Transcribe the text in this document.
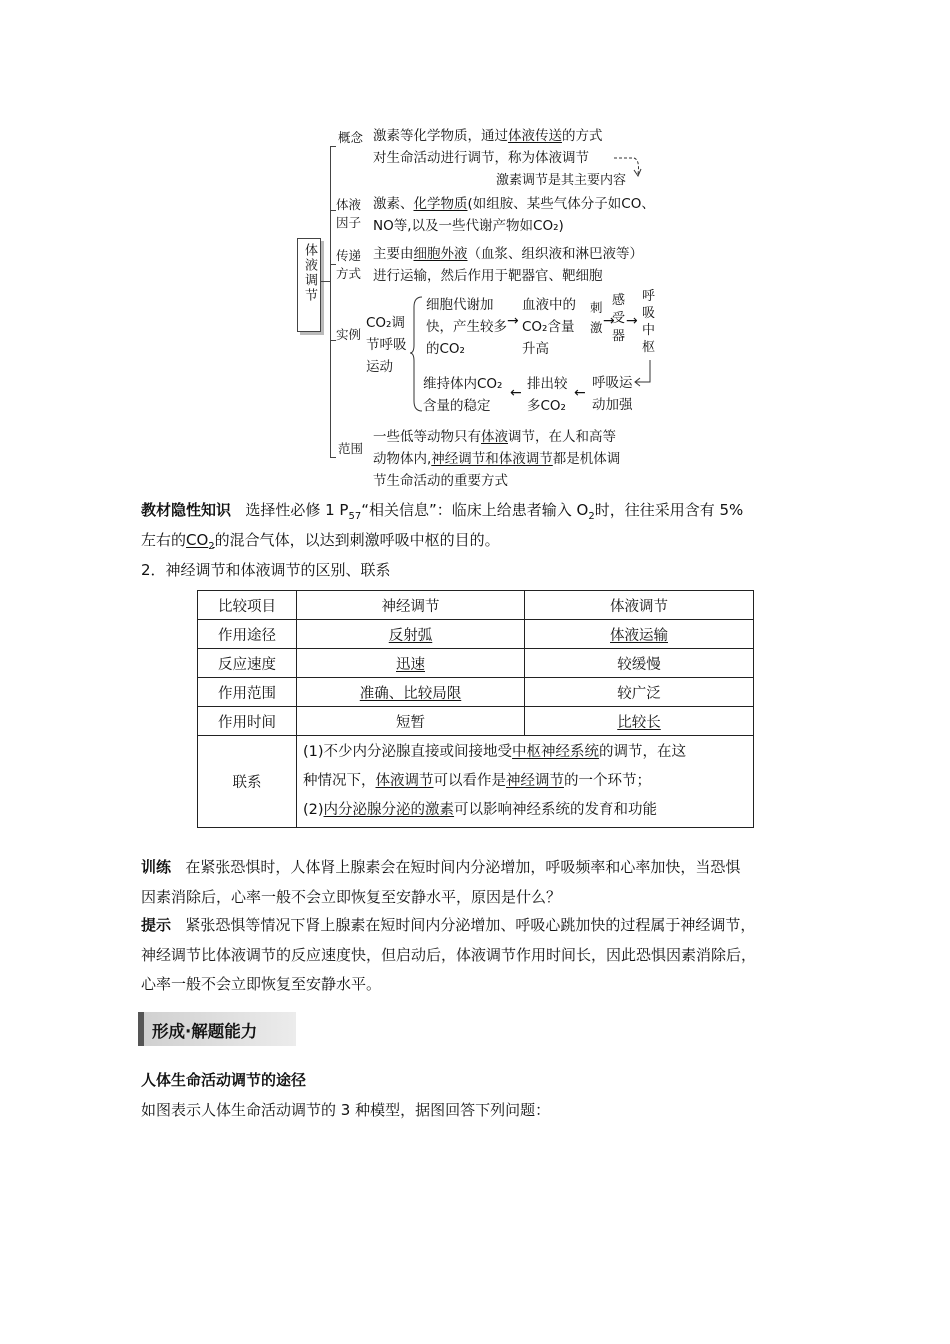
体液调节
概念 激素等化学物质，通过体液传送的方式
对生命活动进行调节，称为体液调节
激素调节是其主要内容
体液因子
激素、化学物质(如组胺、某些气体分子如CO、
NO等,以及一些代谢产物如CO₂)
传递方式
主要由细胞外液（血浆、组织液和淋巴液等）
进行运输，然后作用于靶器官、靶细胞
实例
CO₂调节呼吸运动
细胞代谢加快，产生较多的CO₂
→
血液中的CO₂含量升高
刺激 →
感受器
→
呼吸中枢
呼吸运动加强
←
排出较多CO₂
←
维持体内CO₂含量的稳定
范围
一些低等动物只有体液调节，在人和高等
动物体内,神经调节和体液调节都是机体调
节生命活动的重要方式
教材隐性知识 选择性必修 1 $P_{57}“$相关信息”：临床上给患者输入 $O_2$时，往往采用含有 5%
左右的$CO_2$的混合气体，以达到刺激呼吸中枢的目的。
2．神经调节和体液调节的区别、联系
比较项目	神经调节	体液调节
作用途径	反射弧	体液运输
反应速度	迅速	较缓慢
作用范围	准确、比较局限	较广泛
作用时间	短暂	比较长
联系	(1)不少内分泌腺直接或间接地受中枢神经系统的调节，在这
种情况下，体液调节可以看作是神经调节的一个环节；
(2)内分泌腺分泌的激素可以影响神经系统的发育和功能	
训练 在紧张恐惧时，人体肾上腺素会在短时间内分泌增加，呼吸频率和心率加快，当恐惧
因素消除后，心率一般不会立即恢复至安静水平，原因是什么？
提示 紧张恐惧等情况下肾上腺素在短时间内分泌增加、呼吸心跳加快的过程属于神经调节，
神经调节比体液调节的反应速度快，但启动后，体液调节作用时间长，因此恐惧因素消除后，
心率一般不会立即恢复至安静水平。
形成·解题能力
人体生命活动调节的途径
如图表示人体生命活动调节的 3 种模型，据图回答下列问题：
